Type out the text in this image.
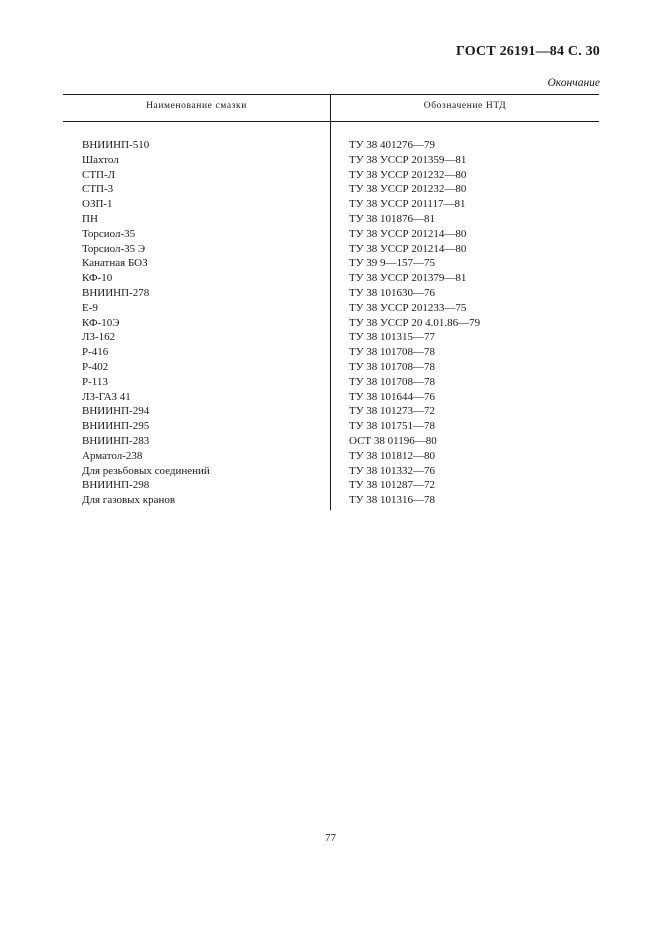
ГОСТ 26191—84 С. 30
Окончание
Наименование смазки	Обозначение НТД
ВНИИНП-510	ТУ 38 401276—79
Шахтол	ТУ 38 УССР 201359—81
СТП-Л	ТУ 38 УССР 201232—80
СТП-3	ТУ 38 УССР 201232—80
ОЗП-1	ТУ 38 УССР 201117—81
ПН	ТУ 38 101876—81
Торсиол-35	ТУ 38 УССР 201214—80
Торсиол-35 Э	ТУ 38 УССР 201214—80
Канатная БОЗ	ТУ 39 9—157—75
КФ-10	ТУ 38 УССР 201379—81
ВНИИНП-278	ТУ 38 101630—76
Е-9	ТУ 38 УССР 201233—75
КФ-10Э	ТУ 38 УССР 20 4.01.86—79
ЛЗ-162	ТУ 38 101315—77
Р-416	ТУ 38 101708—78
Р-402	ТУ 38 101708—78
Р-113	ТУ 38 101708—78
ЛЗ-ГАЗ 41	ТУ 38 101644—76
ВНИИНП-294	ТУ 38 101273—72
ВНИИНП-295	ТУ 38 101751—78
ВНИИНП-283	ОСТ 38 01196—80
Арматол-238	ТУ 38 101812—80
Для резьбовых соединений	ТУ 38 101332—76
ВНИИНП-298	ТУ 38 101287—72
Для газовых кранов	ТУ 38 101316—78
77
